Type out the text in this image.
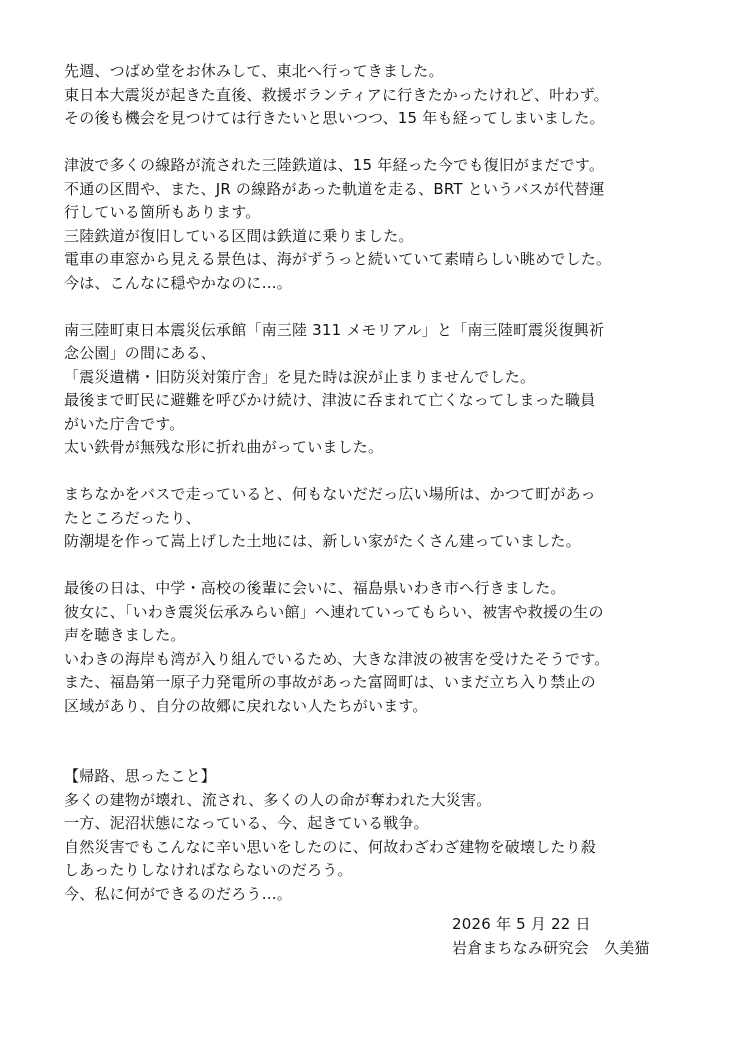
先週、つばめ堂をお休みして、東北へ行ってきました。
東日本大震災が起きた直後、救援ボランティアに行きたかったけれど、叶わず。
その後も機会を見つけては行きたいと思いつつ、15 年も経ってしまいました。
津波で多くの線路が流された三陸鉄道は、15 年経った今でも復旧がまだです。
不通の区間や、また、JR の線路があった軌道を走る、BRT というバスが代替運
行している箇所もあります。
三陸鉄道が復旧している区間は鉄道に乗りました。
電車の車窓から見える景色は、海がずうっと続いていて素晴らしい眺めでした。
今は、こんなに穏やかなのに…。
南三陸町東日本震災伝承館「南三陸 311 メモリアル」と「南三陸町震災復興祈
念公園」の間にある、
「震災遺構・旧防災対策庁舎」を見た時は涙が止まりませんでした。
最後まで町民に避難を呼びかけ続け、津波に呑まれて亡くなってしまった職員
がいた庁舎です。
太い鉄骨が無残な形に折れ曲がっていました。
まちなかをバスで走っていると、何もないだだっ広い場所は、かつて町があっ
たところだったり、
防潮堤を作って嵩上げした土地には、新しい家がたくさん建っていました。
最後の日は、中学・高校の後輩に会いに、福島県いわき市へ行きました。
彼女に、「いわき震災伝承みらい館」へ連れていってもらい、被害や救援の生の
声を聴きました。
いわきの海岸も湾が入り組んでいるため、大きな津波の被害を受けたそうです。
また、福島第一原子力発電所の事故があった富岡町は、いまだ立ち入り禁止の
区域があり、自分の故郷に戻れない人たちがいます。
【帰路、思ったこと】
多くの建物が壊れ、流され、多くの人の命が奪われた大災害。
一方、泥沼状態になっている、今、起きている戦争。
自然災害でもこんなに辛い思いをしたのに、何故わざわざ建物を破壊したり殺
しあったりしなければならないのだろう。
今、私に何ができるのだろう…。
2026 年 5 月 22 日
岩倉まちなみ研究会　久美猫
